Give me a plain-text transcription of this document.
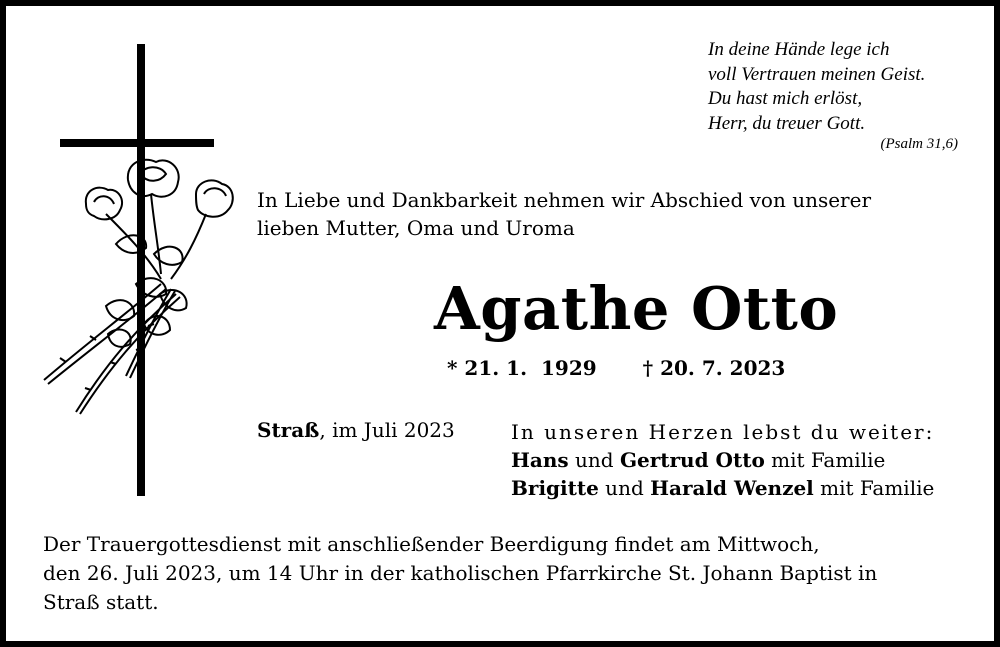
In deine Hände lege ich
voll Vertrauen meinen Geist.
Du hast mich erlöst,
Herr, du treuer Gott.
(Psalm 31,6)
In Liebe und Dankbarkeit nehmen wir Abschied von unserer
lieben Mutter, Oma und Uroma
Agathe Otto
* 21. 1.  1929 † 20. 7. 2023
Straß, im Juli 2023	In unseren Herzen lebst du weiter:
Hans und Gertrud Otto mit Familie
Brigitte und Harald Wenzel mit Familie
Der Trauergottesdienst mit anschließender Beerdigung findet am Mittwoch,
den 26. Juli 2023, um 14 Uhr in der katholischen Pfarrkirche St. Johann Baptist in
Straß statt.
